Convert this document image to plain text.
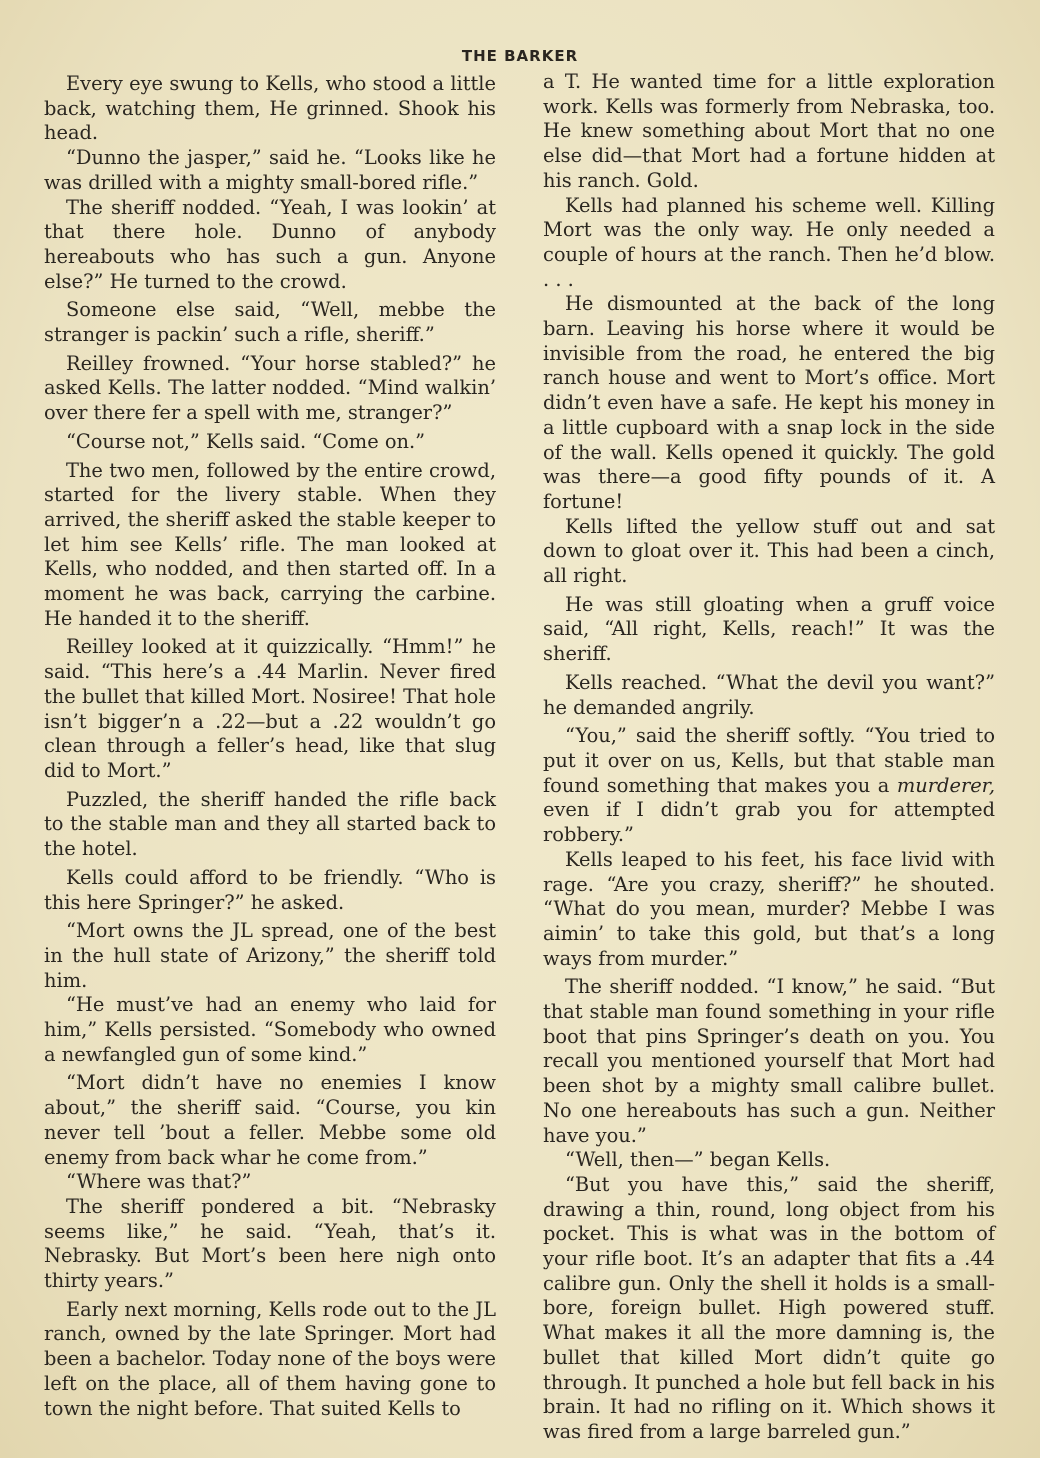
THE BARKER

Every eye swung to Kells, who stood a little back, watching them, He grinned. Shook his head.

“Dunno the jasper,” said he. “Looks like he was drilled with a mighty small-bored rifle.”

The sheriff nodded. “Yeah, I was lookin’ at that there hole. Dunno of anybody hereabouts who has such a gun. Anyone else?” He turned to the crowd.

Someone else said, “Well, mebbe the stranger is packin’ such a rifle, sheriff.”

Reilley frowned. “Your horse stabled?” he asked Kells. The latter nodded. “Mind walkin’ over there fer a spell with me, stranger?”

“Course not,” Kells said. “Come on.”

The two men, followed by the entire crowd, started for the livery stable. When they arrived, the sheriff asked the stable keeper to let him see Kells’ rifle. The man looked at Kells, who nodded, and then started off. In a moment he was back, carrying the carbine. He handed it to the sheriff.

Reilley looked at it quizzically. “Hmm!” he said. “This here’s a .44 Marlin. Never fired the bullet that killed Mort. Nosiree! That hole isn’t bigger’n a .22—but a .22 wouldn’t go clean through a feller’s head, like that slug did to Mort.”

Puzzled, the sheriff handed the rifle back to the stable man and they all started back to the hotel.

Kells could afford to be friendly. “Who is this here Springer?” he asked.

“Mort owns the JL spread, one of the best in the hull state of Arizony,” the sheriff told him.

“He must’ve had an enemy who laid for him,” Kells persisted. “Somebody who owned a newfangled gun of some kind.”

“Mort didn’t have no enemies I know about,” the sheriff said. “Course, you kin never tell ’bout a feller. Mebbe some old enemy from back whar he come from.”

“Where was that?”

The sheriff pondered a bit. “Nebrasky seems like,” he said. “Yeah, that’s it. Nebrasky. But Mort’s been here nigh onto thirty years.”

Early next morning, Kells rode out to the JL ranch, owned by the late Springer. Mort had been a bachelor. Today none of the boys were left on the place, all of them having gone to town the night before. That suited Kells to

a T. He wanted time for a little exploration work. Kells was formerly from Nebraska, too. He knew something about Mort that no one else did—that Mort had a fortune hidden at his ranch. Gold.

Kells had planned his scheme well. Killing Mort was the only way. He only needed a couple of hours at the ranch. Then he’d blow. . . .

He dismounted at the back of the long barn. Leaving his horse where it would be invisible from the road, he entered the big ranch house and went to Mort’s office. Mort didn’t even have a safe. He kept his money in a little cupboard with a snap lock in the side of the wall. Kells opened it quickly. The gold was there—a good fifty pounds of it. A fortune!

Kells lifted the yellow stuff out and sat down to gloat over it. This had been a cinch, all right.

He was still gloating when a gruff voice said, “All right, Kells, reach!” It was the sheriff.

Kells reached. “What the devil you want?” he demanded angrily.

“You,” said the sheriff softly. “You tried to put it over on us, Kells, but that stable man found something that makes you a murderer, even if I didn’t grab you for attempted robbery.”

Kells leaped to his feet, his face livid with rage. “Are you crazy, sheriff?” he shouted. “What do you mean, murder? Mebbe I was aimin’ to take this gold, but that’s a long ways from murder.”

The sheriff nodded. “I know,” he said. “But that stable man found something in your rifle boot that pins Springer’s death on you. You recall you mentioned yourself that Mort had been shot by a mighty small calibre bullet. No one hereabouts has such a gun. Neither have you.”

“Well, then—” began Kells.

“But you have this,” said the sheriff, drawing a thin, round, long object from his pocket. This is what was in the bottom of your rifle boot. It’s an adapter that fits a .44 calibre gun. Only the shell it holds is a small-bore, foreign bullet. High powered stuff. What makes it all the more damning is, the bullet that killed Mort didn’t quite go through. It punched a hole but fell back in his brain. It had no rifling on it. Which shows it was fired from a large barreled gun.”
